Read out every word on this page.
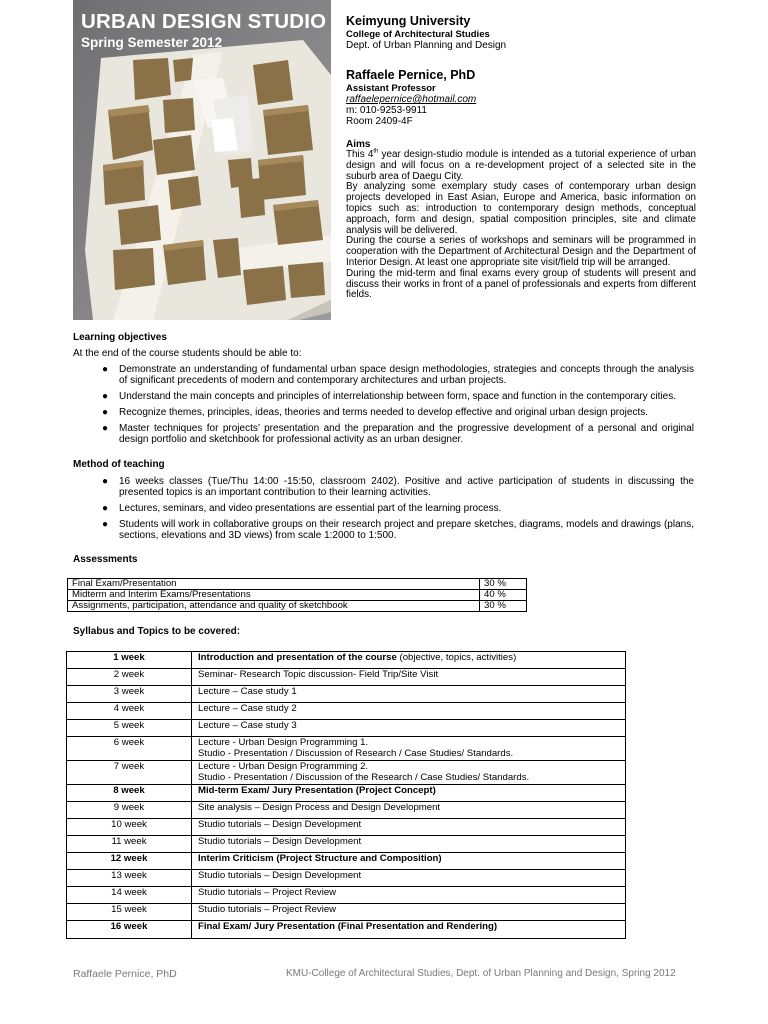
URBAN DESIGN STUDIO
Spring Semester 2012
Keimyung University
College of Architectural Studies
Dept. of Urban Planning and Design
Raffaele Pernice, PhD
Assistant Professor
raffaelepernice@hotmail.com
m: 010-9253-9911
Room 2409-4F
Aims
This 4th year design-studio module is intended as a tutorial experience of urban design and will focus on a re-development project of a selected site in the suburb area of Daegu City.
By analyzing some exemplary study cases of contemporary urban design projects developed in East Asian, Europe and America, basic information on topics such as: introduction to contemporary design methods, conceptual approach, form and design, spatial composition principles, site and climate analysis will be delivered.
During the course a series of workshops and seminars will be programmed in cooperation with the Department of Architectural Design and the Department of Interior Design. At least one appropriate site visit/field trip will be arranged.
During the mid-term and final exams every group of students will present and discuss their works in front of a panel of professionals and experts from different fields.
Learning objectives
At the end of the course students should be able to:
● Demonstrate an understanding of fundamental urban space design methodologies, strategies and concepts through the analysis of significant precedents of modern and contemporary architectures and urban projects.
● Understand the main concepts and principles of interrelationship between form, space and function in the contemporary cities.
● Recognize themes, principles, ideas, theories and terms needed to develop effective and original urban design projects.
● Master techniques for projects’ presentation and the preparation and the progressive development of a personal and original design portfolio and sketchbook for professional activity as an urban designer.
Method of teaching
● 16 weeks classes (Tue/Thu 14:00 -15:50, classroom 2402). Positive and active participation of students in discussing the presented topics is an important contribution to their learning activities.
● Lectures, seminars, and video presentations are essential part of the learning process.
● Students will work in collaborative groups on their research project and prepare sketches, diagrams, models and drawings (plans, sections, elevations and 3D views) from scale 1:2000 to 1:500.
Assessments
Final Exam/Presentation	30 %
Midterm and Interim Exams/Presentations	40 %
Assignments, participation, attendance and quality of sketchbook	30 %
Syllabus and Topics to be covered:
1 week	Introduction and presentation of the course (objective, topics, activities)
2 week	Seminar- Research Topic discussion- Field Trip/Site Visit
3 week	Lecture – Case study 1
4 week	Lecture – Case study 2
5 week	Lecture – Case study 3
6 week	Lecture - Urban Design Programming 1.
Studio - Presentation / Discussion of Research / Case Studies/ Standards.

7 week	Lecture - Urban Design Programming 2.
Studio - Presentation / Discussion of the Research / Case Studies/ Standards.

8 week	Mid-term Exam/ Jury Presentation (Project Concept)
9 week	Site analysis – Design Process and Design Development
10 week	Studio tutorials – Design Development
11 week	Studio tutorials – Design Development
12 week	Interim Criticism (Project Structure and Composition)
13 week	Studio tutorials – Design Development
14 week	Studio tutorials – Project Review
15 week	Studio tutorials – Project Review
16 week	Final Exam/ Jury Presentation (Final Presentation and Rendering)
Raffaele Pernice, PhD	KMU-College of Architectural Studies, Dept. of Urban Planning and Design, Spring 2012
